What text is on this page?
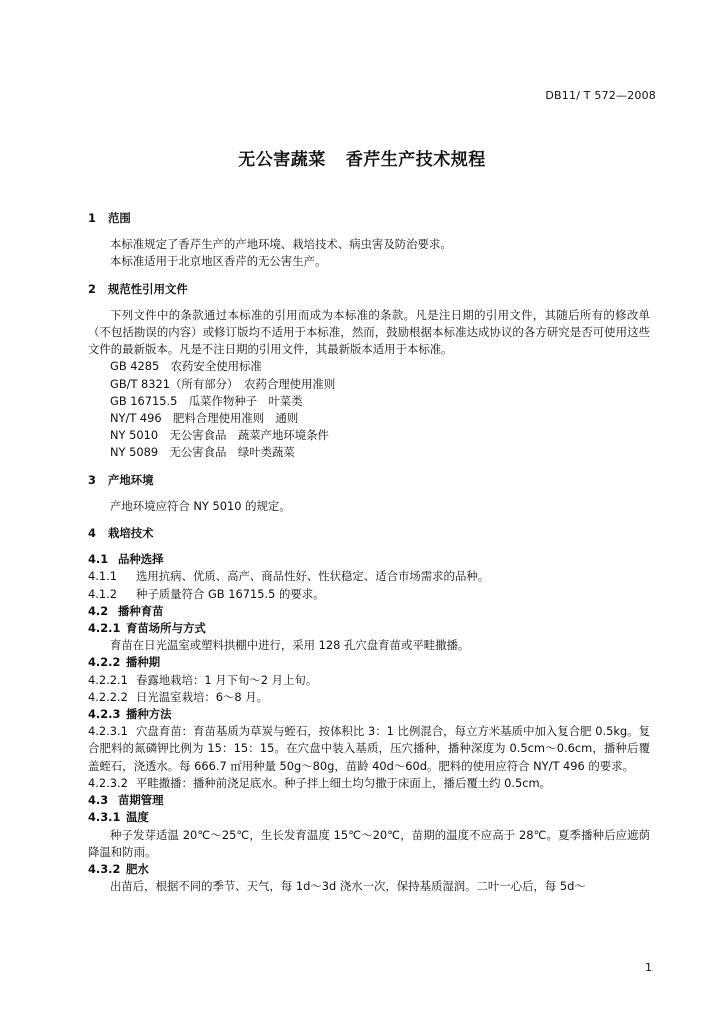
DB11/ T 572—2008
无公害蔬菜 香芹生产技术规程

1 范围

本标准规定了香芹生产的产地环境、栽培技术、病虫害及防治要求。

本标准适用于北京地区香芹的无公害生产。

2 规范性引用文件

下列文件中的条款通过本标准的引用而成为本标准的条款。凡是注日期的引用文件，其随后所有的修改单（不包括勘误的内容）或修订版均不适用于本标准，然而，鼓励根据本标准达成协议的各方研究是否可使用这些文件的最新版本。凡是不注日期的引用文件，其最新版本适用于本标准。

GB 4285　农药安全使用标准

GB/T 8321（所有部分）　农药合理使用准则

GB 16715.5　瓜菜作物种子　叶菜类

NY/T 496　肥料合理使用准则　通则

NY 5010　无公害食品　蔬菜产地环境条件

NY 5089　无公害食品　绿叶类蔬菜

3 产地环境

产地环境应符合 NY 5010 的规定。

4 栽培技术

4.1 品种选择

4.1.1 选用抗病、优质、高产、商品性好、性状稳定、适合市场需求的品种。

4.1.2 种子质量符合 GB 16715.5 的要求。

4.2 播种育苗

4.2.1 育苗场所与方式

育苗在日光温室或塑料拱棚中进行，采用 128 孔穴盘育苗或平畦撒播。

4.2.2 播种期

4.2.2.1 春露地栽培：1 月下旬～2 月上旬。

4.2.2.2 日光温室栽培：6～8 月。

4.2.3 播种方法

4.2.3.1 穴盘育苗：育苗基质为草炭与蛭石，按体积比 3：1 比例混合，每立方米基质中加入复合肥 0.5kg。复合肥料的氮磷钾比例为 15：15：15。在穴盘中装入基质，压穴播种，播种深度为 0.5cm～0.6cm，播种后覆盖蛭石，浇透水。每 666.7 ㎡用种量 50g～80g，苗龄 40d～60d。肥料的使用应符合 NY/T 496 的要求。

4.2.3.2 平畦撒播：播种前浇足底水。种子拌上细土均匀撒于床面上，播后覆土约 0.5cm。

4.3 苗期管理

4.3.1 温度

种子发芽适温 20℃～25℃，生长发育温度 15℃～20℃，苗期的温度不应高于 28℃。夏季播种后应遮荫降温和防雨。

4.3.2 肥水

出苗后，根据不同的季节、天气，每 1d～3d 浇水一次，保持基质湿润。二叶一心后，每 5d～

1
